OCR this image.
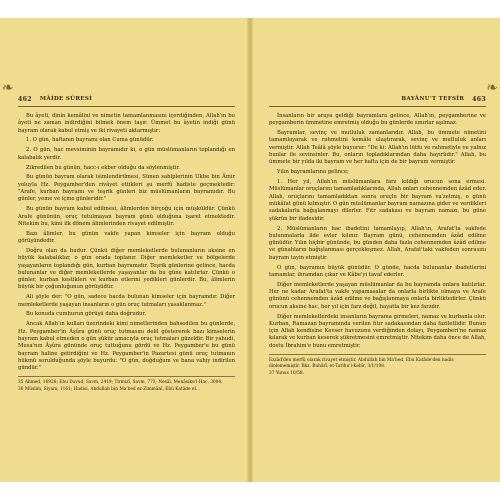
❧
462 MÂİDE SÛRESİ

Bu âyeti, dinin kemâlini ve nimetin tamamlanmasını içerdiğinden, Allah'ın bu âyeti ne zaman indirdiğini bilmek önem taşır. Ümmet bu âyetin indiği günü bayram olarak kabul etmiş ve iki rivayeti aktarmıştır:

1. O gün, haftanın bayramı olan Cuma günüdür.

2. O gün, hac mevsiminin bayramıdır ki, o gün müslümanların toplandığı en kalabalık yerdir.

Zikredilen bu günün, hacc-ı ekber olduğu da söylenmiştir.

Bu günün bayram olarak isimlendirilmesi, Sünen sahiplerinin Ukbe bin Âmir yoluyla Hz. Peygamber'den rivâyet ettikleri şu merfû hadiste geçmektedir: "Arafe, kurban bayramı ve teşrik günleri biz müslümanların bayramıdır. Bu günler, yeme ve içme günleridir."

Bu günün bayram kabul edilmesi, âlimlerden birçoğu için müşküldür. Çünkü Arafe gününün, oruç tutulmayan bayram günü olduğuna işaret etmektedir. Nitekim bu, kimi ilk dönem âlimlerinden rivayet edilmiştir.

Bazı âlimler, bu günün vakfe yapan kimseler için bayram olduğu görüşündedir.

Doğru olan da budur. Çünkü diğer memleketlerde bulunanların aksine en büyük kalabalıklar, o gün orada toplanır. Diğer memleketler ve bölgelerde yaşayanların toplandığı gün, kurban bayramıdır. Teşrik günlerine gelince, hacda bulunanlar ve diğer memleketlerde yaşayanlar da bu güne katılırlar. Çünkü o günler, kurban kestikleri ve kurban etlerini yedikleri günlerdir. Bu, âlimlerin büyük bir çoğunluğunun görüşüdür.

Ali şöyle der: "O gün, sadece hacda bulunan kimseler için bayramdır. Diğer memleketlerde yaşayan insanların o gün oruç tutmaları yasaklanmaz."

Bu konuda cumhurun görüşü daha doğrudur.

Ancak Allah'ın kulları üzerindeki kimi nimetlerinden bahsedilen bu günlerde, Hz. Peygamber'in Âşûra günü oruç tutmasını delil göstererek bazı kimselerin bayram kabul etmeden o gün şükür amacıyla oruç tutmaları güzeldir. Bir yahudi, Musa'nın Âşûra gününde oruç tuttuğunu gördü ve Hz. Peygamber'e bu günü bayram haline getirdiğini ve Hz. Peygamber'in Pazartesi günü oruç tutmanın hükmü sorulduğunda şöyle buyurdu: "O gün, doğduğum ve bana vahiy indirilen gündür."

35 Ahmed, 16928; Ebu Davud, Savm, 2419; Tirmizî, Savm, 773; Nesâî, Menâsiku'l-Hac, 3004.
36 Müslim, Siyam, 1161; Hadisi, Abdullah bin Ma'bed ez-Zimmânî, Ebû Katâde ef...
❧
BAYÂNU'T TEFSÎR 463

İnsanların bir araya geldiği bayramlara gelince, Allah'ın, peygamberine ve peygamberin ümmetine emretmiş olduğu bu günlerde sınırlar aşılmaz.

Bayramlar, sevinç ve mutluluk zamanlarıdır. Allah, bu ümmete nimetini tamamlayarak ve rahmetini kemâle ulaştırarak, sevinç ve mutluluk anları vermiştir. Allah Teâlâ şöyle buyurur: "De ki: Allah'ın lütfu ve rahmetiyle ve yalnız bunlar ile sevinsinler. Bu, onların topladıklarından daha hayırlıdır." Allah, bu ümmete bir yılda iki bayram ve her hafta için de bir bayram vermiştir.

Yılın bayramlarına gelince;

1. Her yıl, Allah'ın müslümanlara farz kıldığı orucun sona ermesi. Müslümanlar oruçlarını tamamladıklarında, Allah onları cehennemden âzâd eder. Allah, oruçlarını tamamladıktan sonra oruçlu bir bayram va'zetmiş, o günü mükâfat günü kılmıştır. O gün müslümanlar bayram namazına gider ve verdikleri sadakalarla bağışlanmayı dilerler. Fıtr sadakası ve bayram namazı, bu güne şükrün bir ifadesidir.

2. Müslümanların hac ibadetini tamamlayıp, Allah'ın, Arafat'ta vakfede bulunmalarla ilde evler kılınır. Bayram günü, cehennemden âzâd edilme günüdür. Yılın hiçbir gününde, bu günden daha fazla cehennemden âzâd edilme ve günahların bağışlanması gerçekleşmez. Allah, Arafat'taki vakfeden sonrasını bayram tayin etmiştir.

O gün, bayramın büyük günüdür. O günde, hacda bulunanlar ibadetlerini tamamlar, ihramdan çıkar ve Kâbe'yi tavaf ederler.

Diğer memleketlerde yaşayan müslümanlar da bu bayramda onlara katılırlar. Her ne kadar Arafat'ta vakfe yapamasalar da onlarla birlikte olmaya ve Arafe gününü cehennemden âzâd edilme ve bağışlanmaya onlarla birliktedirler. Çünkü orucun aksine hac, her yıl için farz değil, hayatta bir kez farzdır.

Diğer memleketlerdeki insanların bayrama girmeleri, namaz ve kurbanla olur. Kurban, Ramazan bayramında verilen fıtır sadakasından daha faziletlidir. Bunun için Allah kendisine Kevser havuzunu verdiğinden dolayı, Peygamberi'ne namaz kılarak ve kurban keserek şükretmesini emretmiştir. Nitekim daha önce de Allah, dostu İbrahim'e bunu emretmiştir.

Ezzâd'den merfû olarak rivayet etmiştir. Abdullah bin Ma'bed, Ebu Katâde'den hadis dinlememiştir. Bkz. Buhârî, et-Tarihu'l-Kebîr, 3/1/198.
37 Yunus 10/58.
